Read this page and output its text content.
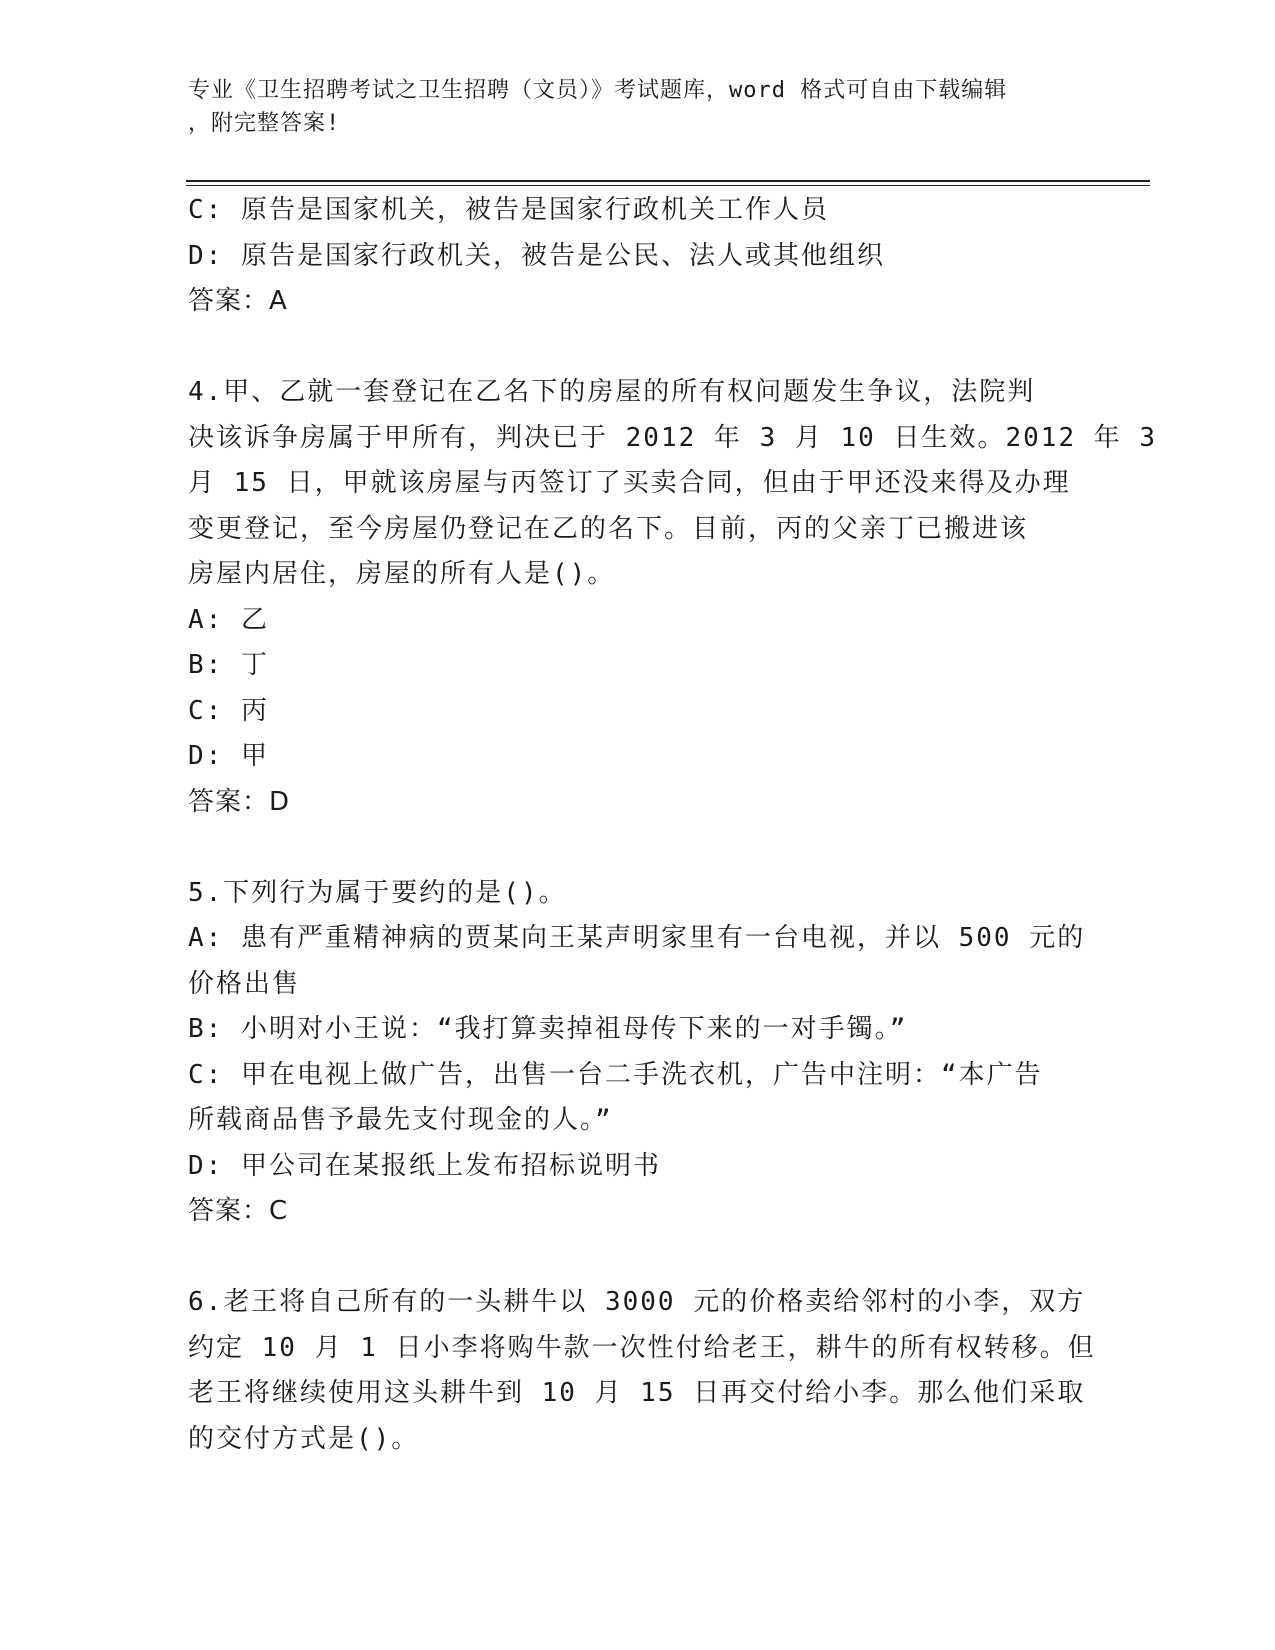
专业《卫生招聘考试之卫生招聘（文员）》考试题库，word 格式可自由下载编辑
，附完整答案!
C: 原告是国家机关，被告是国家行政机关工作人员
D: 原告是国家行政机关，被告是公民、法人或其他组织
答案：A
4.甲、乙就一套登记在乙名下的房屋的所有权问题发生争议，法院判
决该诉争房属于甲所有，判决已于 2012 年 3 月 10 日生效。2012 年 3
月 15 日，甲就该房屋与丙签订了买卖合同，但由于甲还没来得及办理
变更登记，至今房屋仍登记在乙的名下。目前，丙的父亲丁已搬进该
房屋内居住，房屋的所有人是()。
A: 乙
B: 丁
C: 丙
D: 甲
答案：D
5.下列行为属于要约的是()。
A: 患有严重精神病的贾某向王某声明家里有一台电视，并以 500 元的
价格出售
B: 小明对小王说：“我打算卖掉祖母传下来的一对手镯。”
C: 甲在电视上做广告，出售一台二手洗衣机，广告中注明：“本广告
所载商品售予最先支付现金的人。”
D: 甲公司在某报纸上发布招标说明书
答案：C
6.老王将自己所有的一头耕牛以 3000 元的价格卖给邻村的小李，双方
约定 10 月 1 日小李将购牛款一次性付给老王，耕牛的所有权转移。但
老王将继续使用这头耕牛到 10 月 15 日再交付给小李。那么他们采取
的交付方式是()。
